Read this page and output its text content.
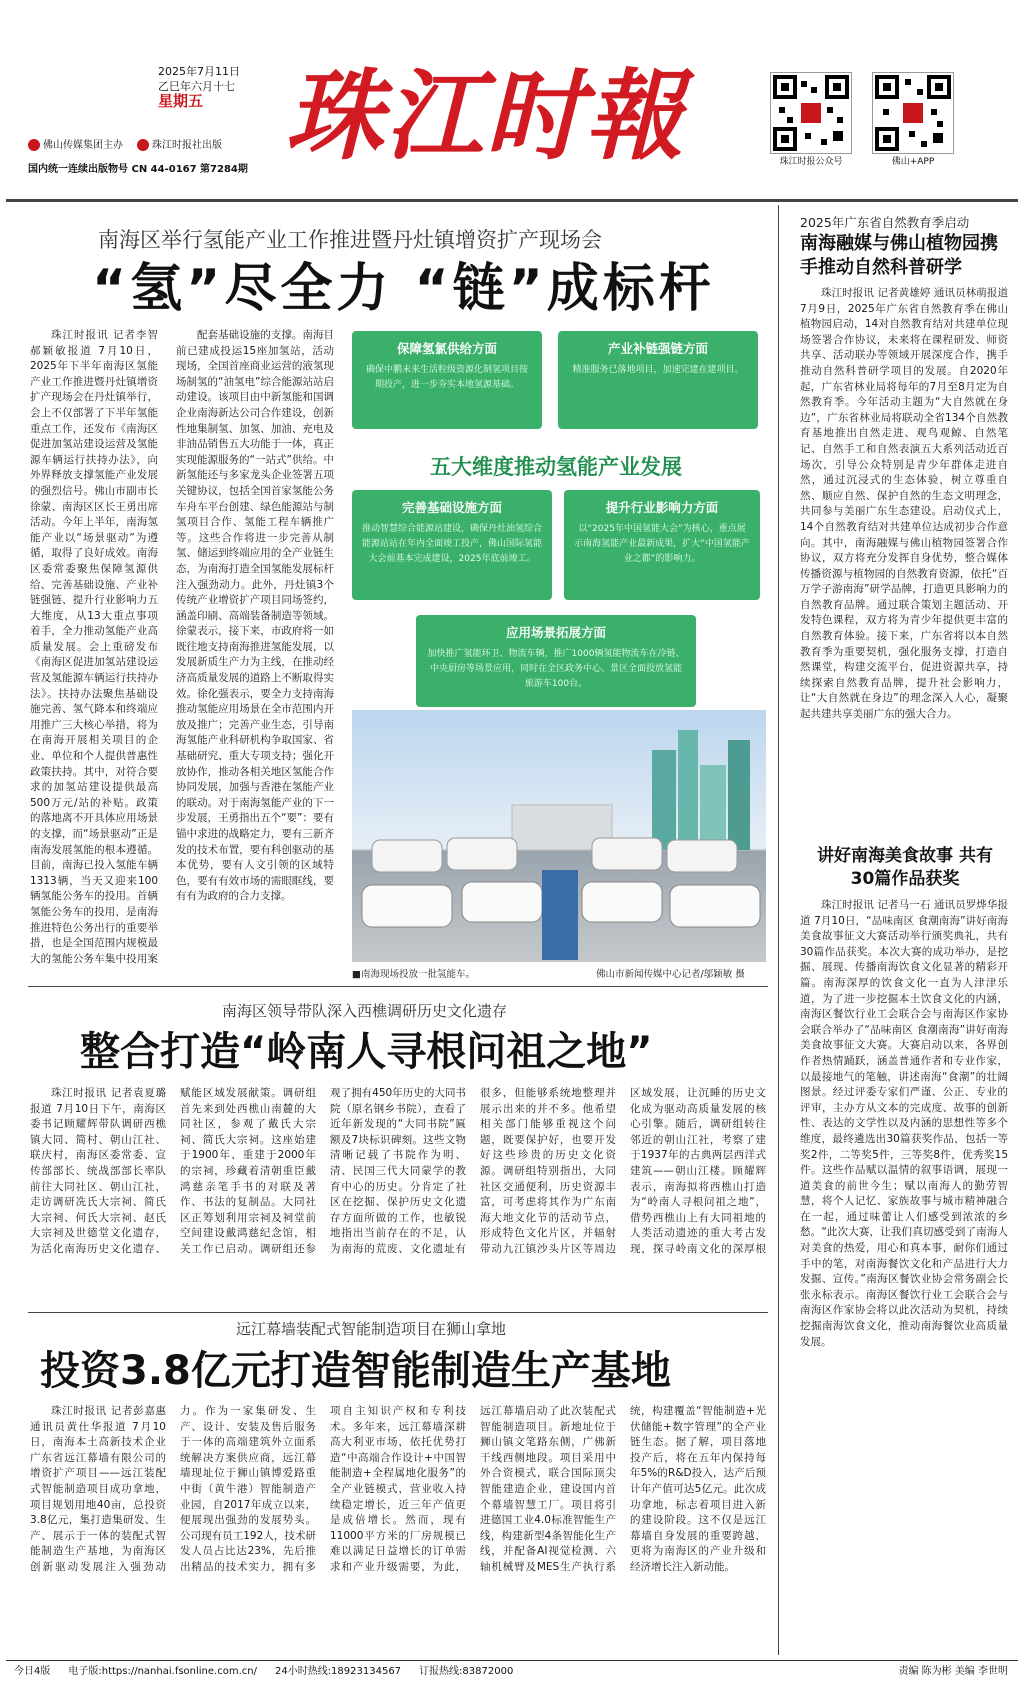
2025年7月11日
乙巳年六月十七
星期五
佛山传媒集团主办	珠江时报社出版
国内统一连续出版物号 CN 44-0167 第7284期 珠江时報	珠江时报公众号	佛山+APP
南海区举行氢能产业工作推进暨丹灶镇增资扩产现场会
“氢”尽全力 “链”成标杆

珠江时报讯 记者李智 郝颖敏报道 7月10日，2025年下半年南海区氢能产业工作推进暨丹灶镇增资扩产现场会在丹灶镇举行，会上不仅部署了下半年氢能重点工作，还发布《南海区促进加氢站建设运营及氢能源车辆运行扶持办法》，向外界释放支撑氢能产业发展的强烈信号。佛山市副市长徐蒙、南海区区长王勇出席活动。今年上半年，南海氢能产业以“场景驱动”为遵循，取得了良好成效。南海区委常委聚焦保障氢源供给、完善基础设施、产业补链强链、提升行业影响力五大维度，从13大重点事项着手，全力推动氢能产业高质量发展。会上重磅发布《南海区促进加氢站建设运营及氢能源车辆运行扶持办法》。扶持办法聚焦基础设施完善、氢气降本和终端应用推广三大核心举措，将为在南海开展相关项目的企业、单位和个人提供普惠性政策扶持。其中，对符合要求的加氢站建设提供最高500万元/站的补贴。政策的落地离不开具体应用场景的支撑，而“场景驱动”正是南海发展氢能的根本遵循。目前，南海已投入氢能车辆1313辆，当天又迎来100辆氢能公务车的投用。首辆氢能公务车的投用，是南海推进特色公务出行的重要举措，也是全国范围内规模最大的氢能公务车集中投用案

配套基础设施的支撑。南海目前已建成投运15座加氢站，活动现场，全国首座商业运营的液氢现场制氢的“油氢电”综合能源站站启动建设。该项目由中新氢能和国调企业南海新达公司合作建设，创新性地集制氢、加氢、加油、充电及非油品销售五大功能于一体，真正实现能源服务的“一站式”供给。中新氢能还与多家龙头企业签署五项关键协议，包括全国首家氢能公务车舟车平台创建、绿色能源站与制氢项目合作、氢能工程车辆推广等。这些合作将进一步完善从制氢、储运到终端应用的全产业链生态，为南海打造全国氢能发展标杆注入强劲动力。此外，丹灶镇3个传统产业增资扩产项目同场签约，涵盖印刷、高端装备制造等领域。徐蒙表示，接下来，市政府将一如既往地支持南海推进氢能发展，以发展新质生产力为主线，在推动经济高质量发展的道路上不断取得实效。徐化强表示，要全力支持南海推动氢能应用场景在全市范围内开放及推广；完善产业生态，引导南海氢能产业科研机构争取国家、省基础研究、重大专项支持；强化开放协作，推动各相关地区氢能合作协同发展，加强与香港在氢能产业的联动。对于南海氢能产业的下一步发展，王勇指出五个“要”：要有锚中求进的战略定力，要有三新齐发的技术布置，要有科创驱动的基本优势，要有人文引领的区域特色，要有有效市场的需眼眶线，要有有为政府的合力支撑。

保障氢氯供给方面
确保中鹏未来生活粒级资源化制氢项目按期投产，进一步夯实本地氢源基础。
产业补链强链方面
精准服务已落地项目，加速完建在建项目。
五大维度推动氢能产业发展
完善基础设施方面
推动智慧综合能源站建设，确保丹灶油氢综合能源站站在年内全面竣工投产，佛山国际氢能大会前基本完成建设，2025年底前竣工。
提升行业影响力方面
以“2025年中国氢能大会”为核心，重点展示南海氢能产业最新成果，扩大“中国氢能产业之都”的影响力。
应用场景拓展方面
加快推广氢能环卫、物流车辆，推广1000辆氢能物流车在冷链、中央厨房等场景应用，同时在全区政务中心、景区全面投放氢能旅游车100台。
■南海现场投放一批氢能车。	佛山市新闻传媒中心记者/邬颖敏 摄
2025年广东省自然教育季启动
南海融媒与佛山植物园携手推动自然科普研学

珠江时报讯 记者黄雄婷 通讯员林萌报道 7月9日，2025年广东省自然教育季在佛山植物园启动，14对自然教育结对共建单位现场签署合作协议，未来将在课程研发、师资共享、活动联办等领域开展深度合作，携手推动自然科普研学项目的发展。自2020年起，广东省林业局将每年的7月至8月定为自然教育季。今年活动主题为“大自然就在身边”，广东省林业局将联动全省134个自然教育基地推出自然走进、观鸟观鲸、自然笔记、自然手工和自然表演五大系列活动近百场次，引导公众特别是青少年群体走进自然，通过沉浸式的生态体验，树立尊重自然、顺应自然、保护自然的生态文明理念，共同参与美丽广东生态建设。启动仪式上，14个自然教育结对共建单位达成初步合作意向。其中，南海融媒与佛山植物园签署合作协议，双方将充分发挥自身优势，整合媒体传播资源与植物园的自然教育资源，依托“百万学子游南海”研学品牌，打造更具影响力的自然教育品牌。通过联合策划主题活动、开发特色课程，双方将为青少年提供更丰富的自然教育体验。接下来，广东省将以本自然教育季为重要契机，强化服务支撑，打造自然课堂，构建交流平台，促进资源共享，持续探索自然教育品牌，提升社会影响力，让“大自然就在身边”的理念深入人心，凝聚起共建共享美丽广东的强大合力。

讲好南海美食故事 共有30篇作品获奖

珠江时报讯 记者马一石 通讯员罗烨华报道 7月10日，“品味南区 食潮南海”讲好南海美食故事征文大赛活动举行颁奖典礼，共有30篇作品获奖。本次大赛的成功举办，是挖掘、展现、传播南海饮食文化显著的精彩开篇。南海深厚的饮食文化一直为人津津乐道，为了进一步挖掘本土饮食文化的内涵，南海区餐饮行业工会联合会与南海区作家协会联合举办了“品味南区 食潮南海”讲好南海美食故事征文大赛。大赛启动以来，各界创作者热情踊跃，涵盖普通作者和专业作家，以最接地气的笔触，讲述南海“食潮”的壮阔图景。经过评委专家们严谨、公正、专业的评审，主办方从文本的完成度、故事的创新性、表达的文学性以及内涵的思想性等多个维度，最终遴选出30篇获奖作品，包括一等奖2件，二等奖5件，三等奖8件，优秀奖15件。这些作品赋以温情的叙事语调，展现一道美食的前世今生；赋以南海人的勤劳智慧，将个人记忆、家族故事与城市精神融合在一起，通过味蕾让人们感受到浓浓的乡愁。“此次大赛，让我们真切感受到了南海人对美食的热爱，用心和真本事，耐你们通过手中的笔，对南海餐饮文化和产品进行大力发掘、宣传。”南海区餐饮业协会常务副会长张永标表示。南海区餐饮行业工会联合会与南海区作家协会将以此次活动为契机，持续挖掘南海饮食文化，推动南海餐饮业高质量发展。

南海区领导带队深入西樵调研历史文化遗存
整合打造“岭南人寻根问祖之地”

珠江时报讯 记者袁夏璐报道 7月10日下午，南海区委书记顾耀辉带队调研西樵镇大同、简村、朝山江社、联庆村，南海区委常委、宣传部部长、统战部部长率队前往大同社区、朝山江社，走访调研冼氏大宗祠、简氏大宗祠、何氏大宗祠、赵氏大宗祠及世德堂文化遗存，为活化南海历史文化遗存、赋能区域发展献策。调研组首先来到处西樵山南麓的大同社区，参观了戴氏大宗祠、简氏大宗祠。这座始建于1900年、重建于2000年的宗祠，珍藏着清朝重臣戴鸿慈亲笔手书的对联及著作、书法的复制品。大同社区正筹划利用宗祠及祠堂前空间建设戴鸿慈纪念馆，相关工作已启动。调研组还参观了拥有450年历史的大同书院（原名钢乡书院），查看了近年新发现的“大同书院”匾额及7块标识碑刻。这些文物清晰记载了书院作为明、清、民国三代大同蒙学的教育中心的历史。分肯定了社区在挖掘、保护历史文化遗存方面所做的工作，也敏锐地指出当前存在的不足，认为南海的荒废、文化遗址有很多，但能够系统地整理并展示出来的并不多。他希望相关部门能够重视这个问题，既要保护好，也要开发好这些珍贵的历史文化资源。调研组特别指出，大同社区交通便利，历史资源丰富，可考虑将其作为广东南海大地文化节的活动节点，形成特色文化片区，并辐射带动九江镇沙头片区等周边区域发展，让沉睡的历史文化成为驱动高质量发展的核心引擎。随后，调研组转往邻近的朝山江社，考察了建于1937年的古典两层西洋式建筑——朝山江楼。顾耀辉表示，南海拟将西樵山打造为“岭南人寻根问祖之地”，借势西樵山上有大同祖地的人类活动遗迹的重大考古发现，探寻岭南文化的深厚根

远江幕墙装配式智能制造项目在狮山拿地
投资3.8亿元打造智能制造生产基地

珠江时报讯 记者彭嘉惠 通讯员黄仕华报道 7月10日，南海本土高新技术企业广东省远江幕墙有限公司的增资扩产项目——远江装配式智能制造项目成功拿地，项目规划用地40亩，总投资3.8亿元，集打造集研发、生产、展示于一体的装配式智能制造生产基地，为南海区创新驱动发展注入强劲动力。作为一家集研发、生产、设计、安装及售后服务于一体的高端建筑外立面系统解决方案供应商，远江幕墙现址位于狮山镇博爱路重中街（黄牛港）智能制造产业园，自2017年成立以来，便展现出强劲的发展势头。公司现有员工192人，技术研发人员占比达23%，先后推出精品的技术实力，拥有多项自主知识产权和专利技术。多年来，远江幕墙深耕高大利亚市场，依托优势打造“中高端合作设计+中国智能制造+全程属地化服务”的全产业链模式，营业收入持续稳定增长，近三年产值更是成倍增长。然而，现有11000平方米的厂房规模已难以满足日益增长的订单需求和产业升级需要，为此，远江幕墙启动了此次装配式智能制造项目。新地址位于狮山镇文笔路东侧，广佛新干线西侧地段。项目采用中外合资模式，联合国际顶尖智能建造企业，建设国内首个幕墙智慧工厂。项目将引进德国工业4.0标准智能生产线，构建新型4条智能化生产线，并配备AI视觉检测、六轴机械臂及MES生产执行系统，构建覆盖“智能制造+光伏储能+数字管理”的全产业链生态。据了解，项目落地投产后，将在五年内保持每年5%的R&D投入，达产后预计年产值可达5亿元。此次成功拿地，标志着项目进入新的建设阶段。这不仅是远江幕墙自身发展的重要跨越，更将为南海区的产业升级和经济增长注入新动能。

今日4版 电子版:https://nanhai.fsonline.com.cn/ 24小时热线:18923134567 订报热线:83872000	责编 陈为彬 美编 李世明
